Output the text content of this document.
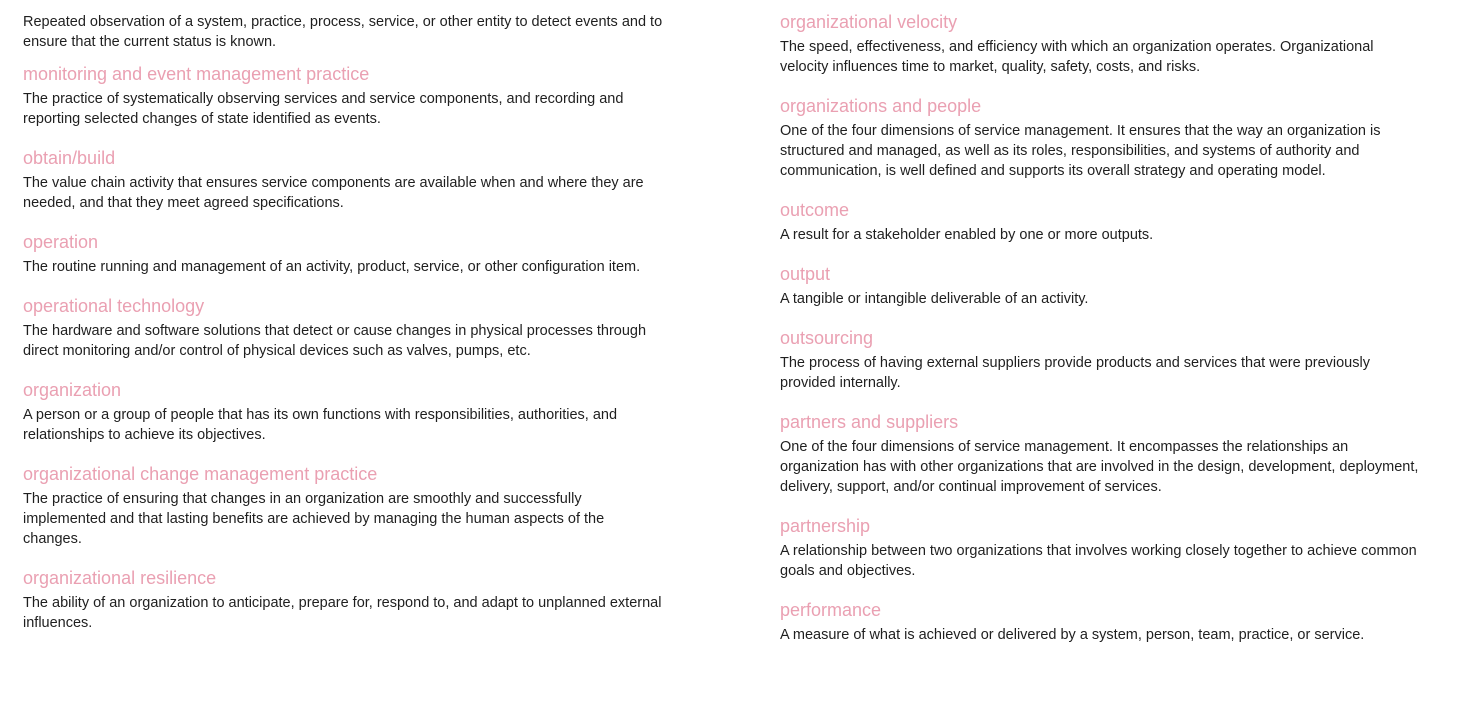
Repeated observation of a system, practice, process, service, or other entity to detect events and to ensure that the current status is known.

monitoring and event management practice

The practice of systematically observing services and service components, and recording and reporting selected changes of state identified as events.

obtain/build

The value chain activity that ensures service components are available when and where they are needed, and that they meet agreed specifications.

operation

The routine running and management of an activity, product, service, or other configuration item.

operational technology

The hardware and software solutions that detect or cause changes in physical processes through direct monitoring and/or control of physical devices such as valves, pumps, etc.

organization

A person or a group of people that has its own functions with responsibilities, authorities, and relationships to achieve its objectives.

organizational change management practice

The practice of ensuring that changes in an organization are smoothly and successfully implemented and that lasting benefits are achieved by managing the human aspects of the changes.

organizational resilience

The ability of an organization to anticipate, prepare for, respond to, and adapt to unplanned external influences.

organizational velocity

The speed, effectiveness, and efficiency with which an organization operates. Organizational velocity influences time to market, quality, safety, costs, and risks.

organizations and people

One of the four dimensions of service management. It ensures that the way an organization is structured and managed, as well as its roles, responsibilities, and systems of authority and communication, is well defined and supports its overall strategy and operating model.

outcome

A result for a stakeholder enabled by one or more outputs.

output

A tangible or intangible deliverable of an activity.

outsourcing

The process of having external suppliers provide products and services that were previously provided internally.

partners and suppliers

One of the four dimensions of service management. It encompasses the relationships an organization has with other organizations that are involved in the design, development, deployment, delivery, support, and/or continual improvement of services.

partnership

A relationship between two organizations that involves working closely together to achieve common goals and objectives.

performance

A measure of what is achieved or delivered by a system, person, team, practice, or service.
